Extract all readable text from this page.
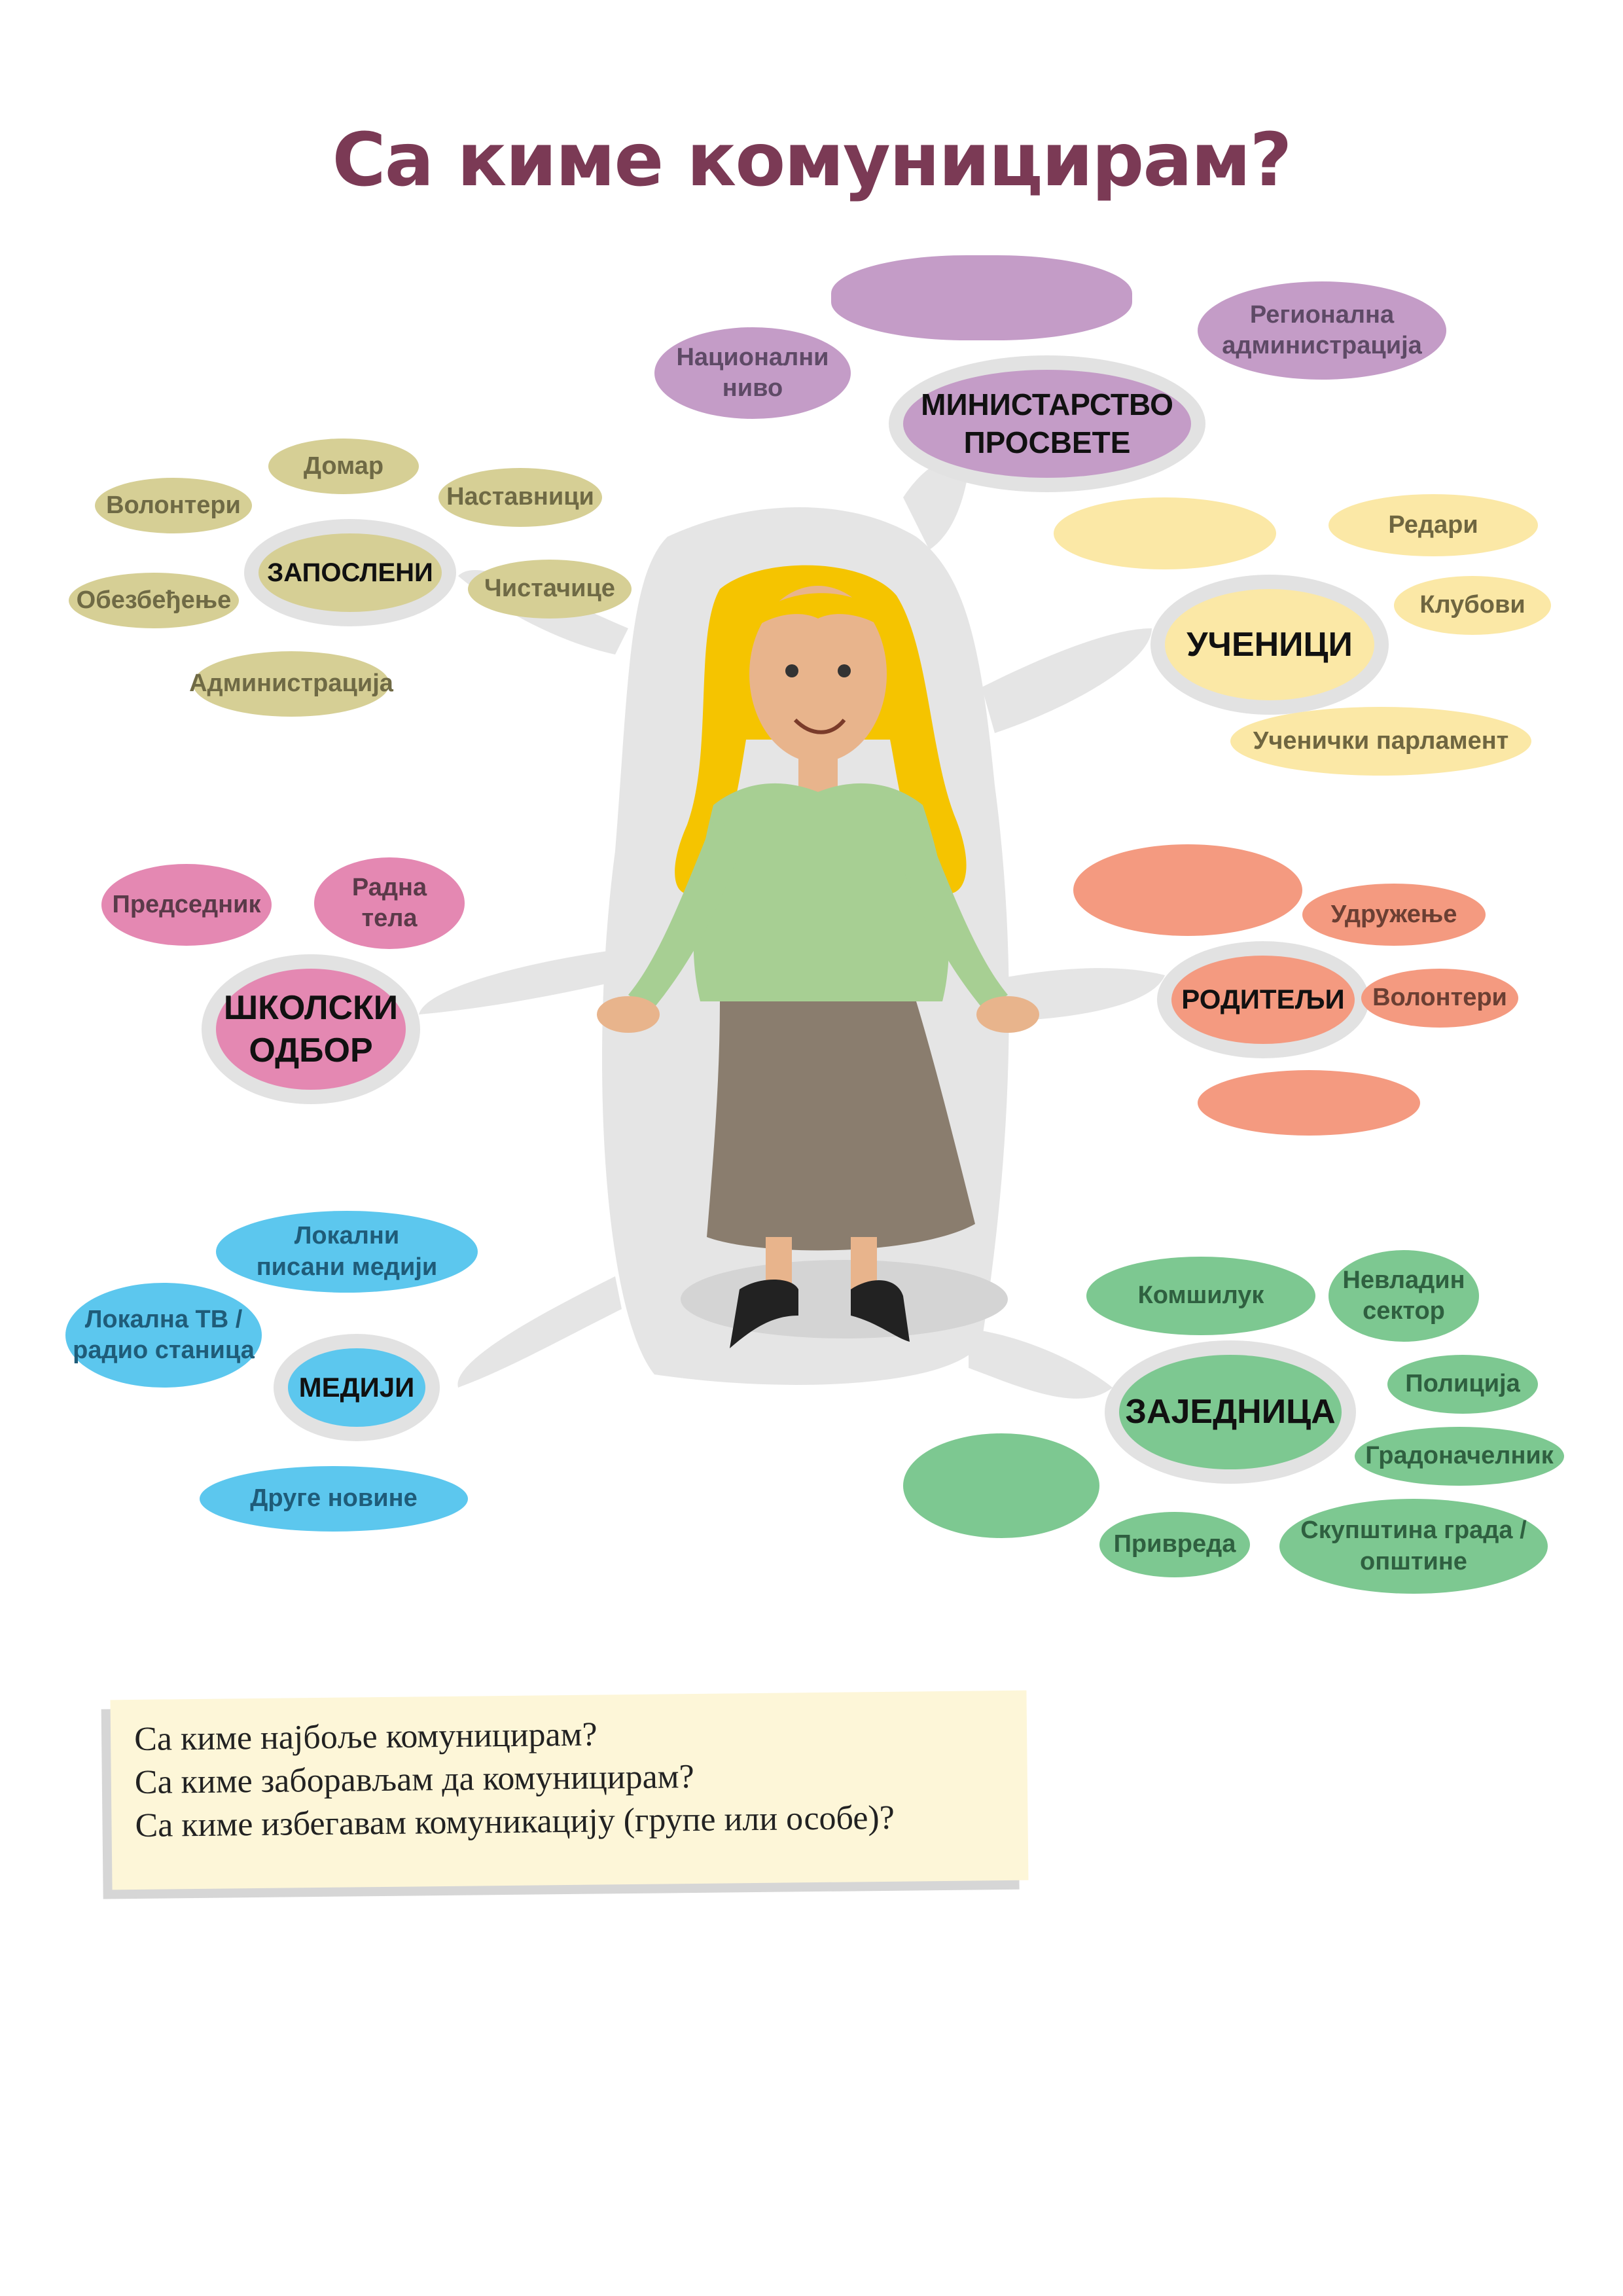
Са киме комуницирам?
МИНИСТАРСТВО
ПРОСВЕТЕ
Национални
ниво
Регионална
администрација
ЗАПОСЛЕНИ
Волонтери
Домар
Наставници
Обезбеђење	Чистачице
Администрација
УЧЕНИЦИ
Редари
Клубови
Ученички парламент
ШКОЛСКИ
ОДБОР
Председник
Радна
тела
РОДИТЕЉИ
Удружење
Волонтери
МЕДИЈИ
Локални
писани медији
Локална ТВ /
радио станица
Друге новине
ЗАЈЕДНИЦА
Комшилук
Невладин
сектор
Полиција
Градоначелник
Привреда
Скупштина града /
општине
Са киме најбоље комуницирам?
Са киме заборављам да комуницирам?
Са киме избегавам комуникацију (групе или особе)?
